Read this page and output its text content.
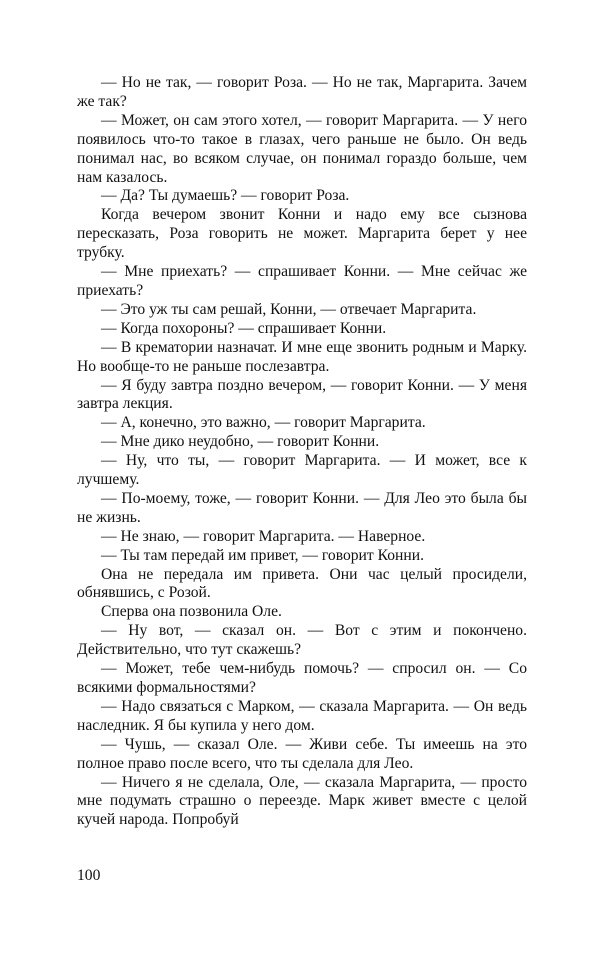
— Но не так, — говорит Роза. — Но не так, Маргарита. Зачем же так?

— Может, он сам этого хотел, — говорит Маргарита. — У него появилось что-то такое в глазах, чего раньше не было. Он ведь понимал нас, во всяком случае, он понимал гораздо больше, чем нам казалось.

— Да? Ты думаешь? — говорит Роза.

Когда вечером звонит Конни и надо ему все сызнова пересказать, Роза говорить не может. Маргарита берет у нее трубку.

— Мне приехать? — спрашивает Конни. — Мне сейчас же приехать?

— Это уж ты сам решай, Конни, — отвечает Маргарита.

— Когда похороны? — спрашивает Конни.

— В крематории назначат. И мне еще звонить родным и Марку. Но вообще-то не раньше послезавтра.

— Я буду завтра поздно вечером, — говорит Конни. — У меня завтра лекция.

— А, конечно, это важно, — говорит Маргарита.

— Мне дико неудобно, — говорит Конни.

— Ну, что ты, — говорит Маргарита. — И может, все к лучшему.

— По-моему, тоже, — говорит Конни. — Для Лео это была бы не жизнь.

— Не знаю, — говорит Маргарита. — Наверное.

— Ты там передай им привет, — говорит Конни.

Она не передала им привета. Они час целый просидели, обнявшись, с Розой.

Сперва она позвонила Оле.

— Ну вот, — сказал он. — Вот с этим и покончено. Действительно, что тут скажешь?

— Может, тебе чем-нибудь помочь? — спросил он. — Со всякими формальностями?

— Надо связаться с Марком, — сказала Маргарита. — Он ведь наследник. Я бы купила у него дом.

— Чушь, — сказал Оле. — Живи себе. Ты имеешь на это полное право после всего, что ты сделала для Лео.

— Ничего я не сделала, Оле, — сказала Маргарита, — просто мне подумать страшно о переезде. Марк живет вместе с целой кучей народа. Попробуй

100
